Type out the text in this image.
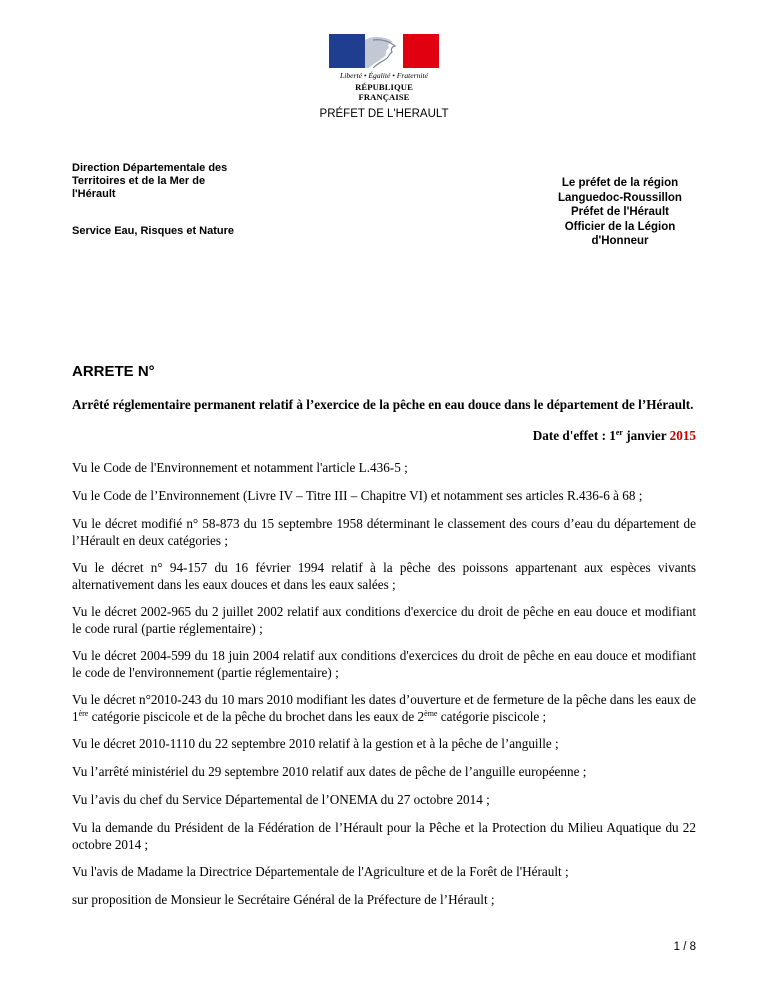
Liberté • Égalité • Fraternité
RÉPUBLIQUE FRANÇAISE
PRÉFET DE L'HERAULT
Direction Départementale des Territoires et de la Mer de l'Hérault
Service Eau, Risques et Nature
Le préfet de la région
Languedoc-Roussillon
Préfet de l'Hérault
Officier de la Légion
d'Honneur
ARRETE N°
Arrêté réglementaire permanent relatif à l’exercice de la pêche en eau douce dans le département de l’Hérault.
Date d'effet : 1er janvier 2015
Vu le Code de l'Environnement et notamment l'article L.436-5 ;
Vu le Code de l’Environnement (Livre IV – Titre III – Chapitre VI) et notamment ses articles R.436-6 à 68 ;
Vu le décret modifié n° 58-873 du 15 septembre 1958 déterminant le classement des cours d’eau du département de l’Hérault en deux catégories ;
Vu le décret n° 94-157 du 16 février 1994 relatif à la pêche des poissons appartenant aux espèces vivants alternativement dans les eaux douces et dans les eaux salées ;
Vu le décret 2002-965 du 2 juillet 2002 relatif aux conditions d'exercice du droit de pêche en eau douce et modifiant le code rural (partie réglementaire) ;
Vu le décret 2004-599 du 18 juin 2004 relatif aux conditions d'exercices du droit de pêche en eau douce et modifiant le code de l'environnement (partie réglementaire) ;
Vu le décret n°2010-243 du 10 mars 2010 modifiant les dates d’ouverture et de fermeture de la pêche dans les eaux de 1ère catégorie piscicole et de la pêche du brochet dans les eaux de 2ème catégorie piscicole ;
Vu le décret 2010-1110 du 22 septembre 2010 relatif à la gestion et à la pêche de l’anguille ;
Vu l’arrêté ministériel du 29 septembre 2010 relatif aux dates de pêche de l’anguille européenne ;
Vu l’avis du chef du Service Départemental de l’ONEMA du 27 octobre 2014 ;
Vu la demande du Président de la Fédération de l’Hérault pour la Pêche et la Protection du Milieu Aquatique du 22 octobre 2014 ;
Vu l'avis de Madame la Directrice Départementale de l'Agriculture et de la Forêt de l'Hérault ;
sur proposition de Monsieur le Secrétaire Général de la Préfecture de l’Hérault ;
1 / 8
